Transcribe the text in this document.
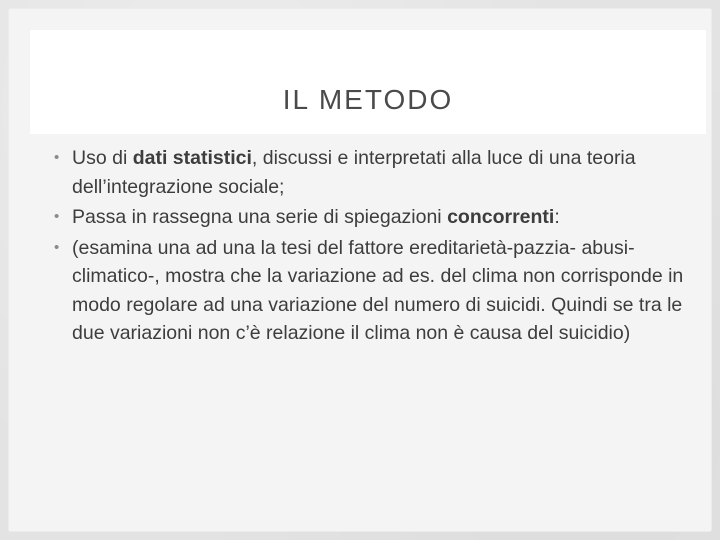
IL METODO
• Uso di dati statistici, discussi e interpretati alla luce di una teoria dell’integrazione sociale;
• Passa in rassegna una serie di spiegazioni concorrenti:
• (esamina una ad una la tesi del fattore ereditarietà-pazzia- abusi-climatico-, mostra che la variazione ad es. del clima non corrisponde in modo regolare ad una variazione del numero di suicidi. Quindi se tra le due variazioni non c’è relazione il clima non è causa del suicidio)
